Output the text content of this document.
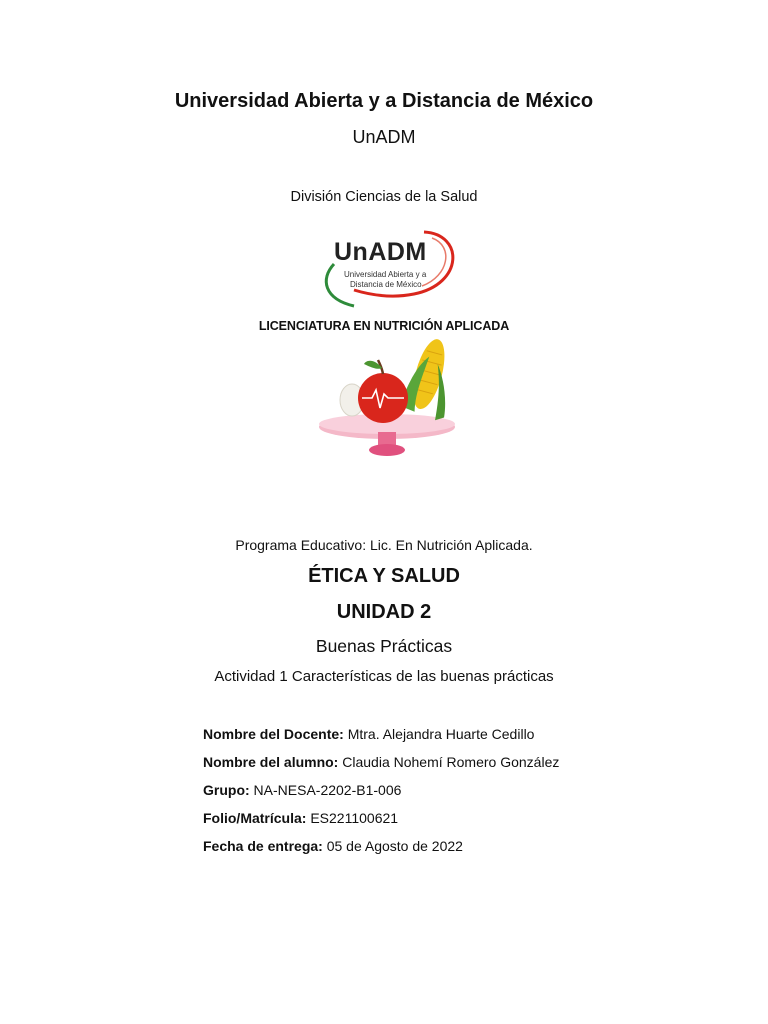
Universidad Abierta y a Distancia de México
UnADM
División Ciencias de la Salud
UnADM
Universidad Abierta y a
Distancia de México
LICENCIATURA EN NUTRICIÓN APLICADA
Programa Educativo: Lic. En Nutrición Aplicada.
ÉTICA Y SALUD
UNIDAD 2
Buenas Prácticas
Actividad 1 Características de las buenas prácticas
Nombre del Docente: Mtra. Alejandra Huarte Cedillo
Nombre del alumno: Claudia Nohemí Romero González
Grupo: NA-NESA-2202-B1-006
Folio/Matrícula: ES221100621
Fecha de entrega: 05 de Agosto de 2022
